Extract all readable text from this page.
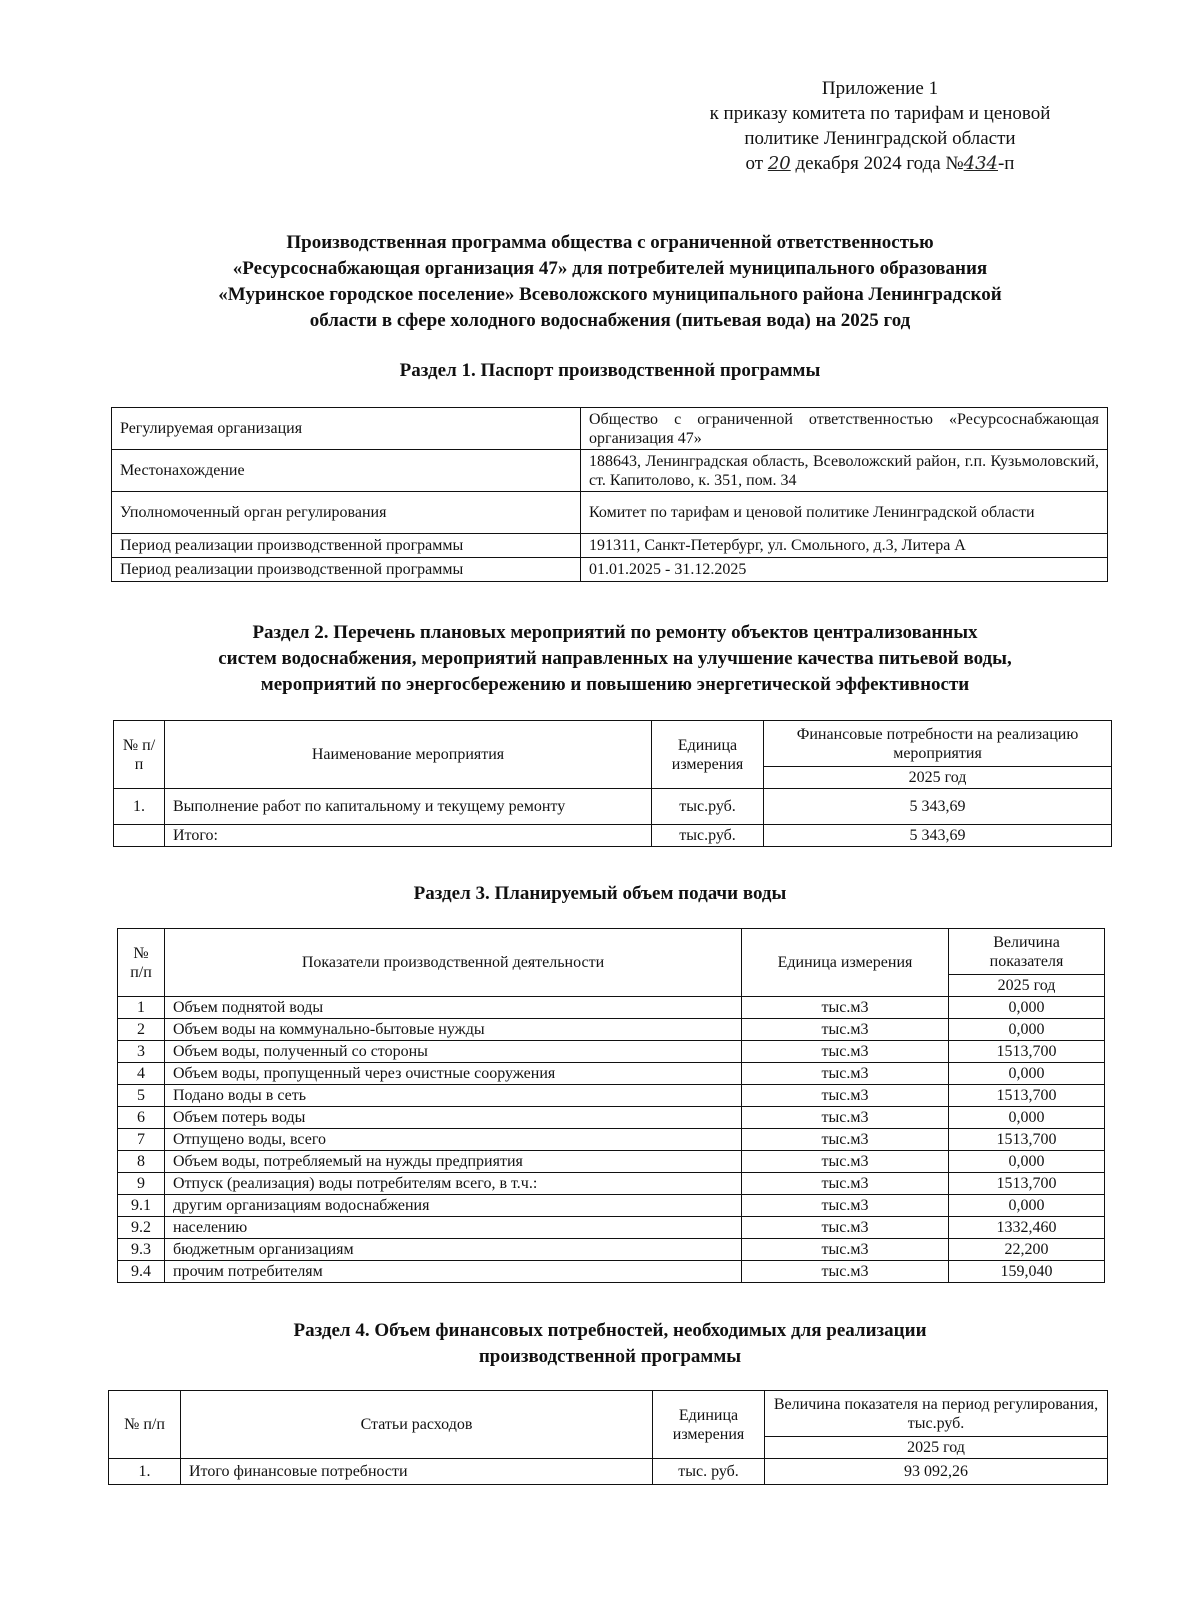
Приложение 1
к приказу комитета по тарифам и ценовой
политике Ленинградской области
от 20 декабря 2024 года №434-п
Производственная программа общества с ограниченной ответственностью
«Ресурсоснабжающая организация 47» для потребителей муниципального образования
«Муринское городское поселение» Всеволожского муниципального района Ленинградской
области в сфере холодного водоснабжения (питьевая вода) на 2025 год
Раздел 1. Паспорт производственной программы
Регулируемая организация	Общество с ограниченной ответственностью «Ресурсоснабжающая организация 47»
Местонахождение	188643, Ленинградская область, Всеволожский район, г.п. Кузьмоловский, ст. Капитолово, к. 351, пом. 34
Уполномоченный орган регулирования	Комитет по тарифам и ценовой политике Ленинградской области
Период реализации производственной программы	191311, Санкт-Петербург, ул. Смольного, д.3, Литера А
Период реализации производственной программы	01.01.2025 - 31.12.2025
Раздел 2. Перечень плановых мероприятий по ремонту объектов централизованных
систем водоснабжения, мероприятий направленных на улучшение качества питьевой воды,
мероприятий по энергосбережению и повышению энергетической эффективности
№ п/п	Наименование мероприятия	Единица измерения	Финансовые потребности на реализацию мероприятия
			2025 год
1.	Выполнение работ по капитальному и текущему ремонту	тыс.руб.	5 343,69
	Итого:	тыс.руб.	5 343,69
Раздел 3. Планируемый объем подачи воды
№ п/п	Показатели производственной деятельности	Единица измерения	Величина показателя
			2025 год
1	Объем поднятой воды	тыс.м3	0,000
2	Объем воды на коммунально-бытовые нужды	тыс.м3	0,000
3	Объем воды, полученный со стороны	тыс.м3	1513,700
4	Объем воды, пропущенный через очистные сооружения	тыс.м3	0,000
5	Подано воды в сеть	тыс.м3	1513,700
6	Объем потерь воды	тыс.м3	0,000
7	Отпущено воды, всего	тыс.м3	1513,700
8	Объем воды, потребляемый на нужды предприятия	тыс.м3	0,000
9	Отпуск (реализация) воды потребителям всего, в т.ч.:	тыс.м3	1513,700
9.1	другим организациям водоснабжения	тыс.м3	0,000
9.2	населению	тыс.м3	1332,460
9.3	бюджетным организациям	тыс.м3	22,200
9.4	прочим потребителям	тыс.м3	159,040
Раздел 4. Объем финансовых потребностей, необходимых для реализации
производственной программы
№ п/п	Статьи расходов	Единица измерения	Величина показателя на период регулирования, тыс.руб.
			2025 год
1.	Итого финансовые потребности	тыс. руб.	93 092,26
